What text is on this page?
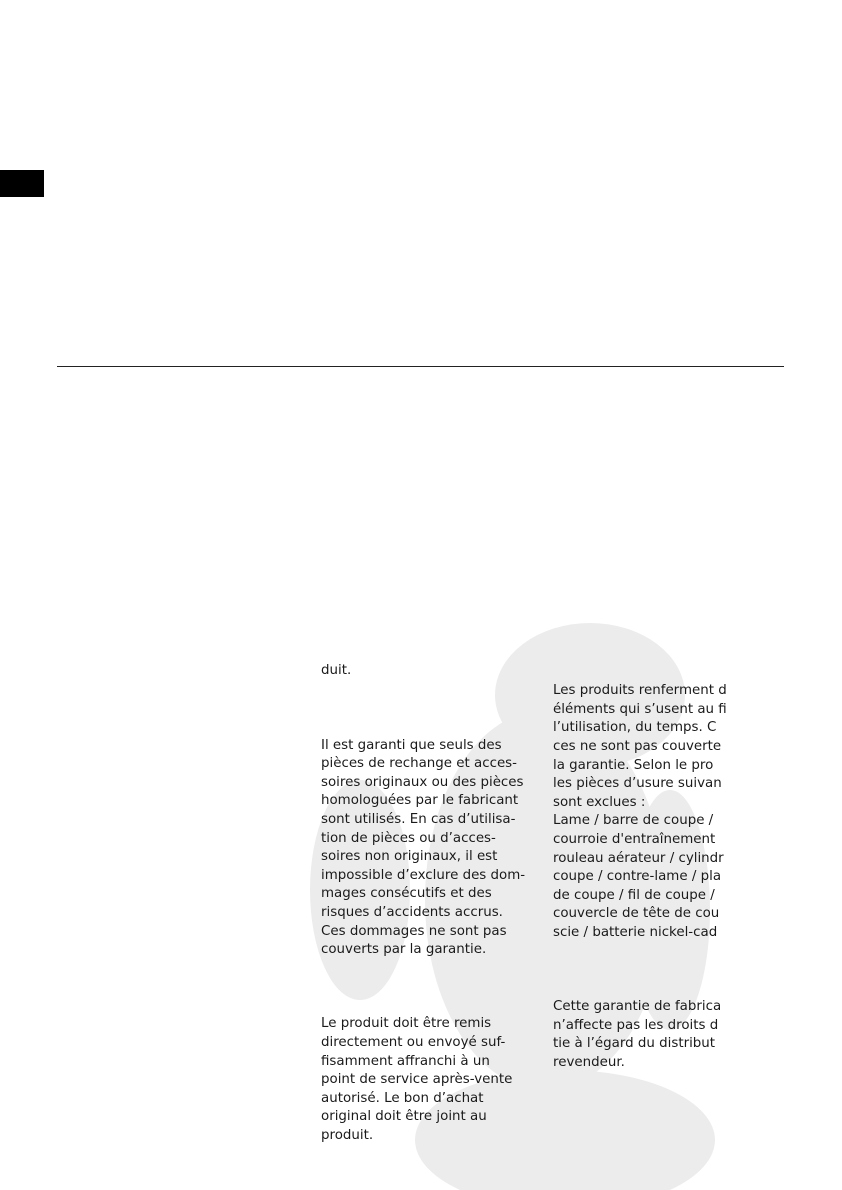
duit.

Il est garanti que seuls des
pièces de rechange et acces-
soires originaux ou des pièces
homologuées par le fabricant
sont utilisés. En cas d’utilisa-
tion de pièces ou d’acces-
soires non originaux, il est
impossible d’exclure des dom-
mages consécutifs et des
risques d’accidents accrus.
Ces dommages ne sont pas
couverts par la garantie.

Le produit doit être remis
directement ou envoyé suf-
fisamment affranchi à un
point de service après-vente
autorisé. Le bon d’achat
original doit être joint au
produit.

Les produits renferment d
éléments qui s’usent au fi
l’utilisation, du temps. C
ces ne sont pas couverte
la garantie. Selon le pro
les pièces d’usure suivan
sont exclues :
Lame / barre de coupe /
courroie d'entraînement
rouleau aérateur / cylindr
coupe / contre-lame / pla
de coupe / fil de coupe /
couvercle de tête de cou
scie / batterie nickel-cad

Cette garantie de fabrica
n’affecte pas les droits d
tie à l’égard du distribut
revendeur.
